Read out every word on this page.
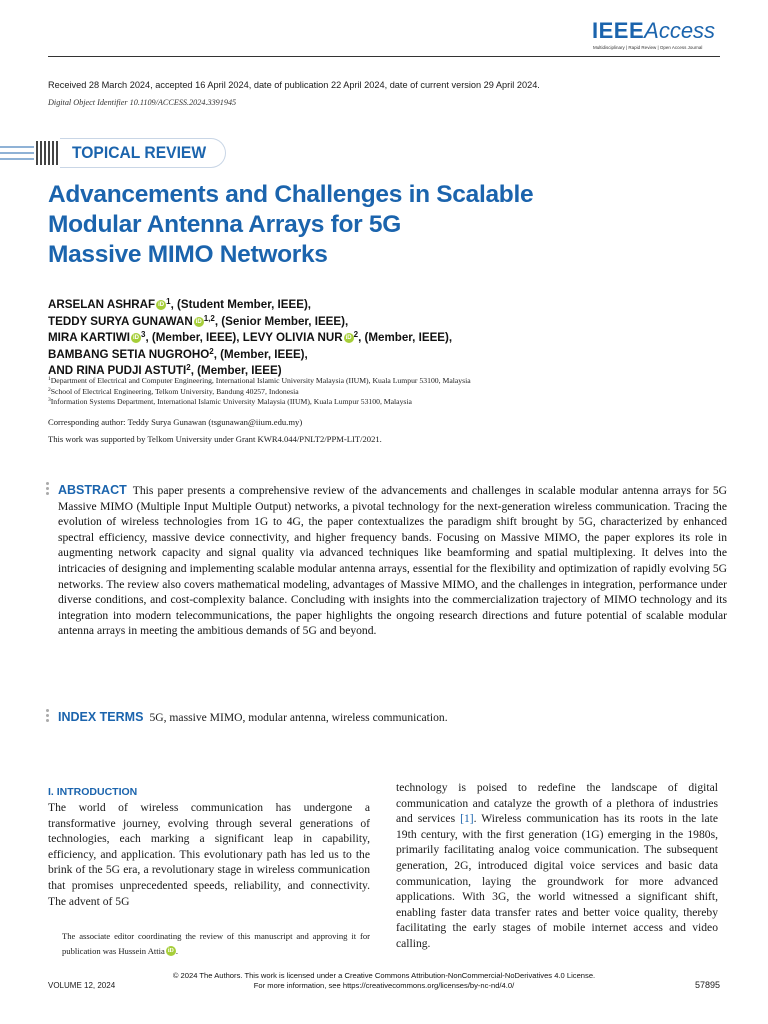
IEEEAccess
Multidisciplinary | Rapid Review | Open Access Journal
Received 28 March 2024, accepted 16 April 2024, date of publication 22 April 2024, date of current version 29 April 2024.
Digital Object Identifier 10.1109/ACCESS.2024.3391945
TOPICAL REVIEW
Advancements and Challenges in Scalable
Modular Antenna Arrays for 5G
Massive MIMO Networks
ARSELAN ASHRAF iD $^1$, (Student Member, IEEE),
TEDDY SURYA GUNAWAN iD $^{1,2}$, (Senior Member, IEEE),
MIRA KARTIWI iD $^3$, (Member, IEEE), LEVY OLIVIA NUR iD $^2$, (Member, IEEE),
BAMBANG SETIA NUGROHO$^2$, (Member, IEEE),
AND RINA PUDJI ASTUTI$^2$, (Member, IEEE)
$^1$Department of Electrical and Computer Engineering, International Islamic University Malaysia (IIUM), Kuala Lumpur 53100, Malaysia
$^2$School of Electrical Engineering, Telkom University, Bandung 40257, Indonesia
$^3$Information Systems Department, International Islamic University Malaysia (IIUM), Kuala Lumpur 53100, Malaysia
Corresponding author: Teddy Surya Gunawan (tsgunawan@iium.edu.my)
This work was supported by Telkom University under Grant KWR4.044/PNLT2/PPM-LIT/2021.
ABSTRACT This paper presents a comprehensive review of the advancements and challenges in scalable modular antenna arrays for 5G Massive MIMO (Multiple Input Multiple Output) networks, a pivotal technology for the next-generation wireless communication. Tracing the evolution of wireless technologies from 1G to 4G, the paper contextualizes the paradigm shift brought by 5G, characterized by enhanced spectral efficiency, massive device connectivity, and higher frequency bands. Focusing on Massive MIMO, the paper explores its role in augmenting network capacity and signal quality via advanced techniques like beamforming and spatial multiplexing. It delves into the intricacies of designing and implementing scalable modular antenna arrays, essential for the flexibility and optimization of rapidly evolving 5G networks. The review also covers mathematical modeling, advantages of Massive MIMO, and the challenges in integration, performance under diverse conditions, and cost-complexity balance. Concluding with insights into the commercialization trajectory of MIMO technology and its integration into modern telecommunications, the paper highlights the ongoing research directions and future potential of scalable modular antenna arrays in meeting the ambitious demands of 5G and beyond.
INDEX TERMS 5G, massive MIMO, modular antenna, wireless communication.
I. INTRODUCTION
The world of wireless communication has undergone a transformative journey, evolving through several generations of technologies, each marking a significant leap in capability, efficiency, and application. This evolutionary path has led us to the brink of the 5G era, a revolutionary stage in wireless communication that promises unprecedented speeds, reliability, and connectivity. The advent of 5G
The associate editor coordinating the review of this manuscript and approving it for publication was Hussein Attia iD .
technology is poised to redefine the landscape of digital communication and catalyze the growth of a plethora of industries and services [1]. Wireless communication has its roots in the late 19th century, with the first generation (1G) emerging in the 1980s, primarily facilitating analog voice communication. The subsequent generation, 2G, introduced digital voice services and basic data communication, laying the groundwork for more advanced applications. With 3G, the world witnessed a significant shift, enabling faster data transfer rates and better voice quality, thereby facilitating the early stages of mobile internet access and video calling.
© 2024 The Authors. This work is licensed under a Creative Commons Attribution-NonCommercial-NoDerivatives 4.0 License.
For more information, see https://creativecommons.org/licenses/by-nc-nd/4.0/
VOLUME 12, 2024	57895
